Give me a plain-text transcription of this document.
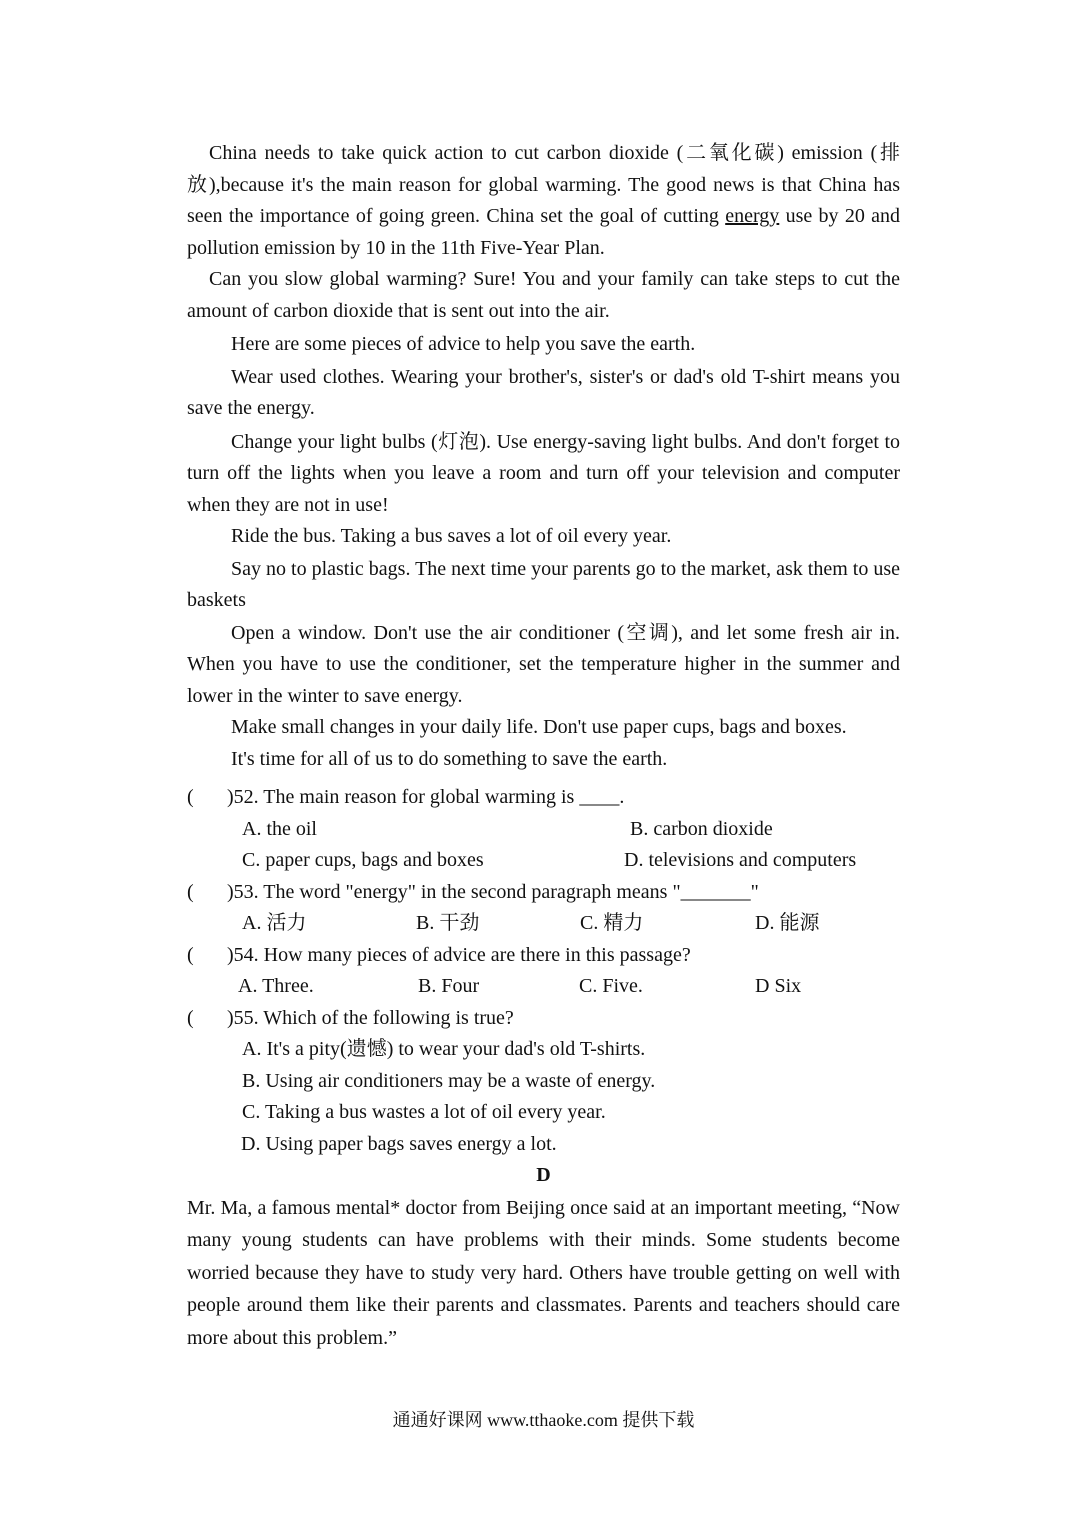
China needs to take quick action to cut carbon dioxide (二氧化碳) emission (排放),because it's the main reason for global warming. The good news is that China has seen the importance of going green. China set the goal of cutting energy use by 20 and pollution emission by 10 in the 11th Five-Year Plan.

Can you slow global warming? Sure! You and your family can take steps to cut the amount of carbon dioxide that is sent out into the air.

Here are some pieces of advice to help you save the earth.

Wear used clothes. Wearing your brother's, sister's or dad's old T-shirt means you save the energy.

Change your light bulbs (灯泡). Use energy-saving light bulbs. And don't forget to turn off the lights when you leave a room and turn off your television and computer when they are not in use!

Ride the bus. Taking a bus saves a lot of oil every year.

Say no to plastic bags. The next time your parents go to the market, ask them to use baskets

Open a window. Don't use the air conditioner (空调), and let some fresh air in. When you have to use the conditioner, set the temperature higher in the summer and lower in the winter to save energy.

Make small changes in your daily life. Don't use paper cups, bags and boxes.

It's time for all of us to do something to save the earth.

( )52. The main reason for global warming is ____.
A. the oil	B. carbon dioxide
C. paper cups, bags and boxes	D. televisions and computers
( )53. The word "energy" in the second paragraph means "_______"
A. 活力	B. 干劲	C. 精力	D. 能源
( )54. How many pieces of advice are there in this passage?
A. Three.	B. Four	C. Five.	D Six
( )55. Which of the following is true?

A. It's a pity(遗憾) to wear your dad's old T-shirts.

B. Using air conditioners may be a waste of energy.

C. Taking a bus wastes a lot of oil every year.

D. Using paper bags saves energy a lot.

D

Mr. Ma, a famous mental* doctor from Beijing once said at an important meeting, “Now many young students can have problems with their minds. Some students become worried because they have to study very hard. Others have trouble getting on well with people around them like their parents and classmates. Parents and teachers should care more about this problem.”

通通好课网 www.tthaoke.com 提供下载
